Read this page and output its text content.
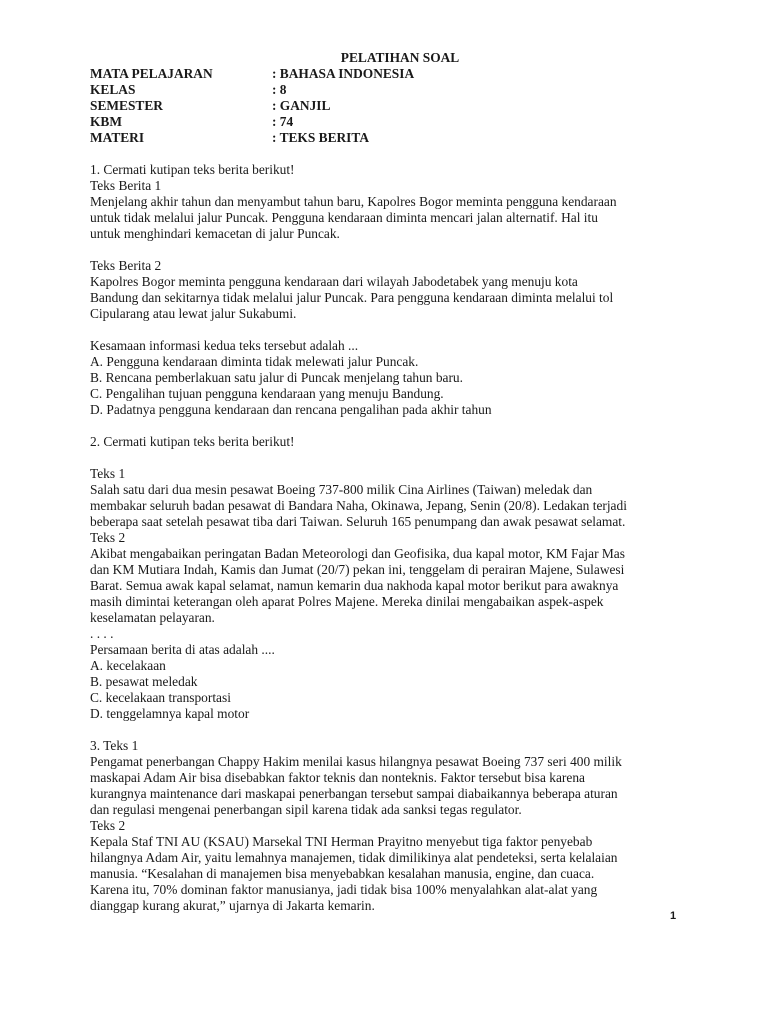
PELATIHAN SOAL
MATA PELAJARAN	: BAHASA INDONESIA
KELAS	: 8
SEMESTER	: GANJIL
KBM	: 74
MATERI	: TEKS BERITA
1. Cermati kutipan teks berita berikut!
Teks Berita 1
Menjelang akhir tahun dan menyambut tahun baru, Kapolres Bogor meminta pengguna kendaraan
untuk tidak melalui jalur Puncak. Pengguna kendaraan diminta mencari jalan alternatif. Hal itu
untuk menghindari kemacetan di jalur Puncak.
Teks Berita 2
Kapolres Bogor meminta pengguna kendaraan dari wilayah Jabodetabek yang menuju kota
Bandung dan sekitarnya tidak melalui jalur Puncak. Para pengguna kendaraan diminta melalui tol
Cipularang atau lewat jalur Sukabumi.
Kesamaan informasi kedua teks tersebut adalah ...
A. Pengguna kendaraan diminta tidak melewati jalur Puncak.
B. Rencana pemberlakuan satu jalur di Puncak menjelang tahun baru.
C. Pengalihan tujuan pengguna kendaraan yang menuju Bandung.
D. Padatnya pengguna kendaraan dan rencana pengalihan pada akhir tahun
2. Cermati kutipan teks berita berikut!
Teks 1
Salah satu dari dua mesin pesawat Boeing 737-800 milik Cina Airlines (Taiwan) meledak dan
membakar seluruh badan pesawat di Bandara Naha, Okinawa, Jepang, Senin (20/8). Ledakan terjadi
beberapa saat setelah pesawat tiba dari Taiwan. Seluruh 165 penumpang dan awak pesawat selamat.
Teks 2
Akibat mengabaikan peringatan Badan Meteorologi dan Geofisika, dua kapal motor, KM Fajar Mas
dan KM Mutiara Indah, Kamis dan Jumat (20/7) pekan ini, tenggelam di perairan Majene, Sulawesi
Barat. Semua awak kapal selamat, namun kemarin dua nakhoda kapal motor berikut para awaknya
masih dimintai keterangan oleh aparat Polres Majene. Mereka dinilai mengabaikan aspek-aspek
keselamatan pelayaran.
. . . .
Persamaan berita di atas adalah ....
A. kecelakaan
B. pesawat meledak
C. kecelakaan transportasi
D. tenggelamnya kapal motor
3. Teks 1
Pengamat penerbangan Chappy Hakim menilai kasus hilangnya pesawat Boeing 737 seri 400 milik
maskapai Adam Air bisa disebabkan faktor teknis dan nonteknis. Faktor tersebut bisa karena
kurangnya maintenance dari maskapai penerbangan tersebut sampai diabaikannya beberapa aturan
dan regulasi mengenai penerbangan sipil karena tidak ada sanksi tegas regulator.
Teks 2
Kepala Staf TNI AU (KSAU) Marsekal TNI Herman Prayitno menyebut tiga faktor penyebab
hilangnya Adam Air, yaitu lemahnya manajemen, tidak dimilikinya alat pendeteksi, serta kelalaian
manusia. “Kesalahan di manajemen bisa menyebabkan kesalahan manusia, engine, dan cuaca.
Karena itu, 70% dominan faktor manusianya, jadi tidak bisa 100% menyalahkan alat-alat yang
dianggap kurang akurat,” ujarnya di Jakarta kemarin.
1
